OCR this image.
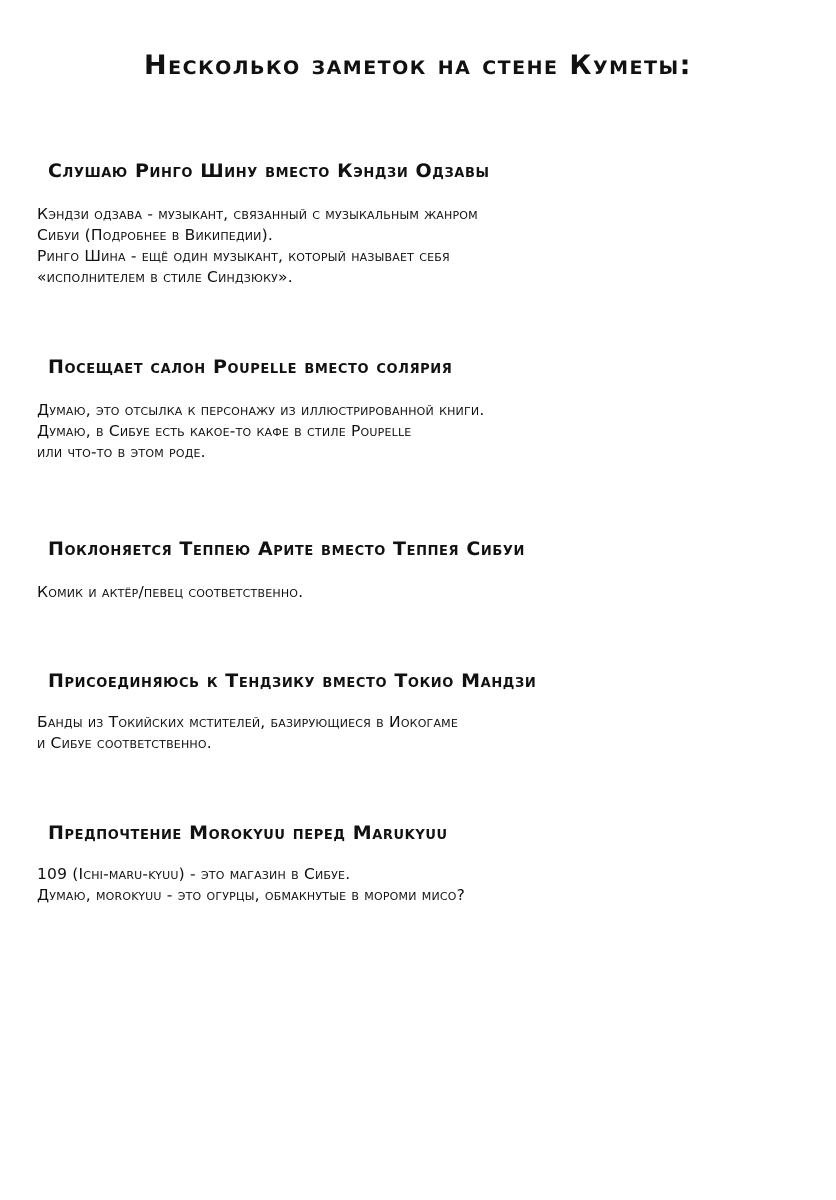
Несколько заметок на стене Куметы:
Слушаю Ринго Шину вместо Кэндзи Одзавы

Кэндзи одзава - музыкант, связанный с музыкальным жанром
Сибуи (Подробнее в Википедии).
Ринго Шина - ещё один музыкант, который называет себя
«исполнителем в стиле Синдзюку».

Посещает салон Poupelle вместо солярия

Думаю, это отсылка к персонажу из иллюстрированной книги.
Думаю, в Сибуе есть какое-то кафе в стиле Poupelle
или что-то в этом роде.

Поклоняется Теппею Арите вместо Теппея Сибуи

Комик и актёр/певец соответственно.

Присоединяюсь к Тендзику вместо Токио Мандзи

Банды из Токийских мстителей, базирующиеся в Иокогаме
и Сибуе соответственно.

Предпочтение Morokyuu перед Marukyuu

109 (Ichi-maru-kyuu) - это магазин в Сибуе.
Думаю, morokyuu - это огурцы, обмакнутые в мороми мисо?
